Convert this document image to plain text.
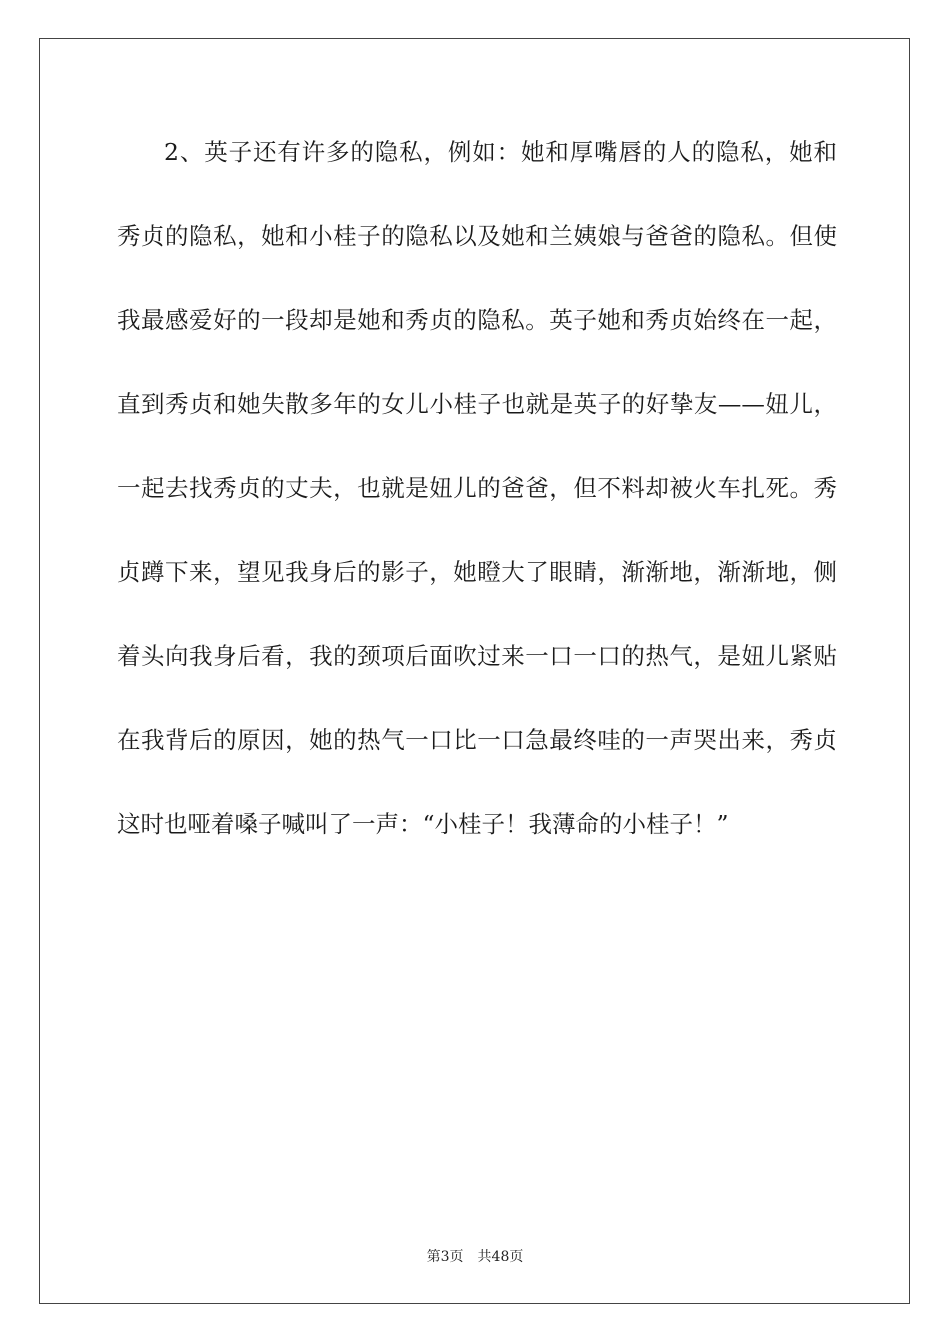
2、英子还有许多的隐私，例如：她和厚嘴唇的人的隐私，她和
秀贞的隐私，她和小桂子的隐私以及她和兰姨娘与爸爸的隐私。但使
我最感爱好的一段却是她和秀贞的隐私。英子她和秀贞始终在一起，
直到秀贞和她失散多年的女儿小桂子也就是英子的好挚友——妞儿，
一起去找秀贞的丈夫，也就是妞儿的爸爸，但不料却被火车扎死。秀
贞蹲下来，望见我身后的影子，她瞪大了眼睛，渐渐地，渐渐地，侧
着头向我身后看，我的颈项后面吹过来一口一口的热气，是妞儿紧贴
在我背后的原因，她的热气一口比一口急最终哇的一声哭出来，秀贞
这时也哑着嗓子喊叫了一声：“小桂子！我薄命的小桂子！”
第3页 共48页
